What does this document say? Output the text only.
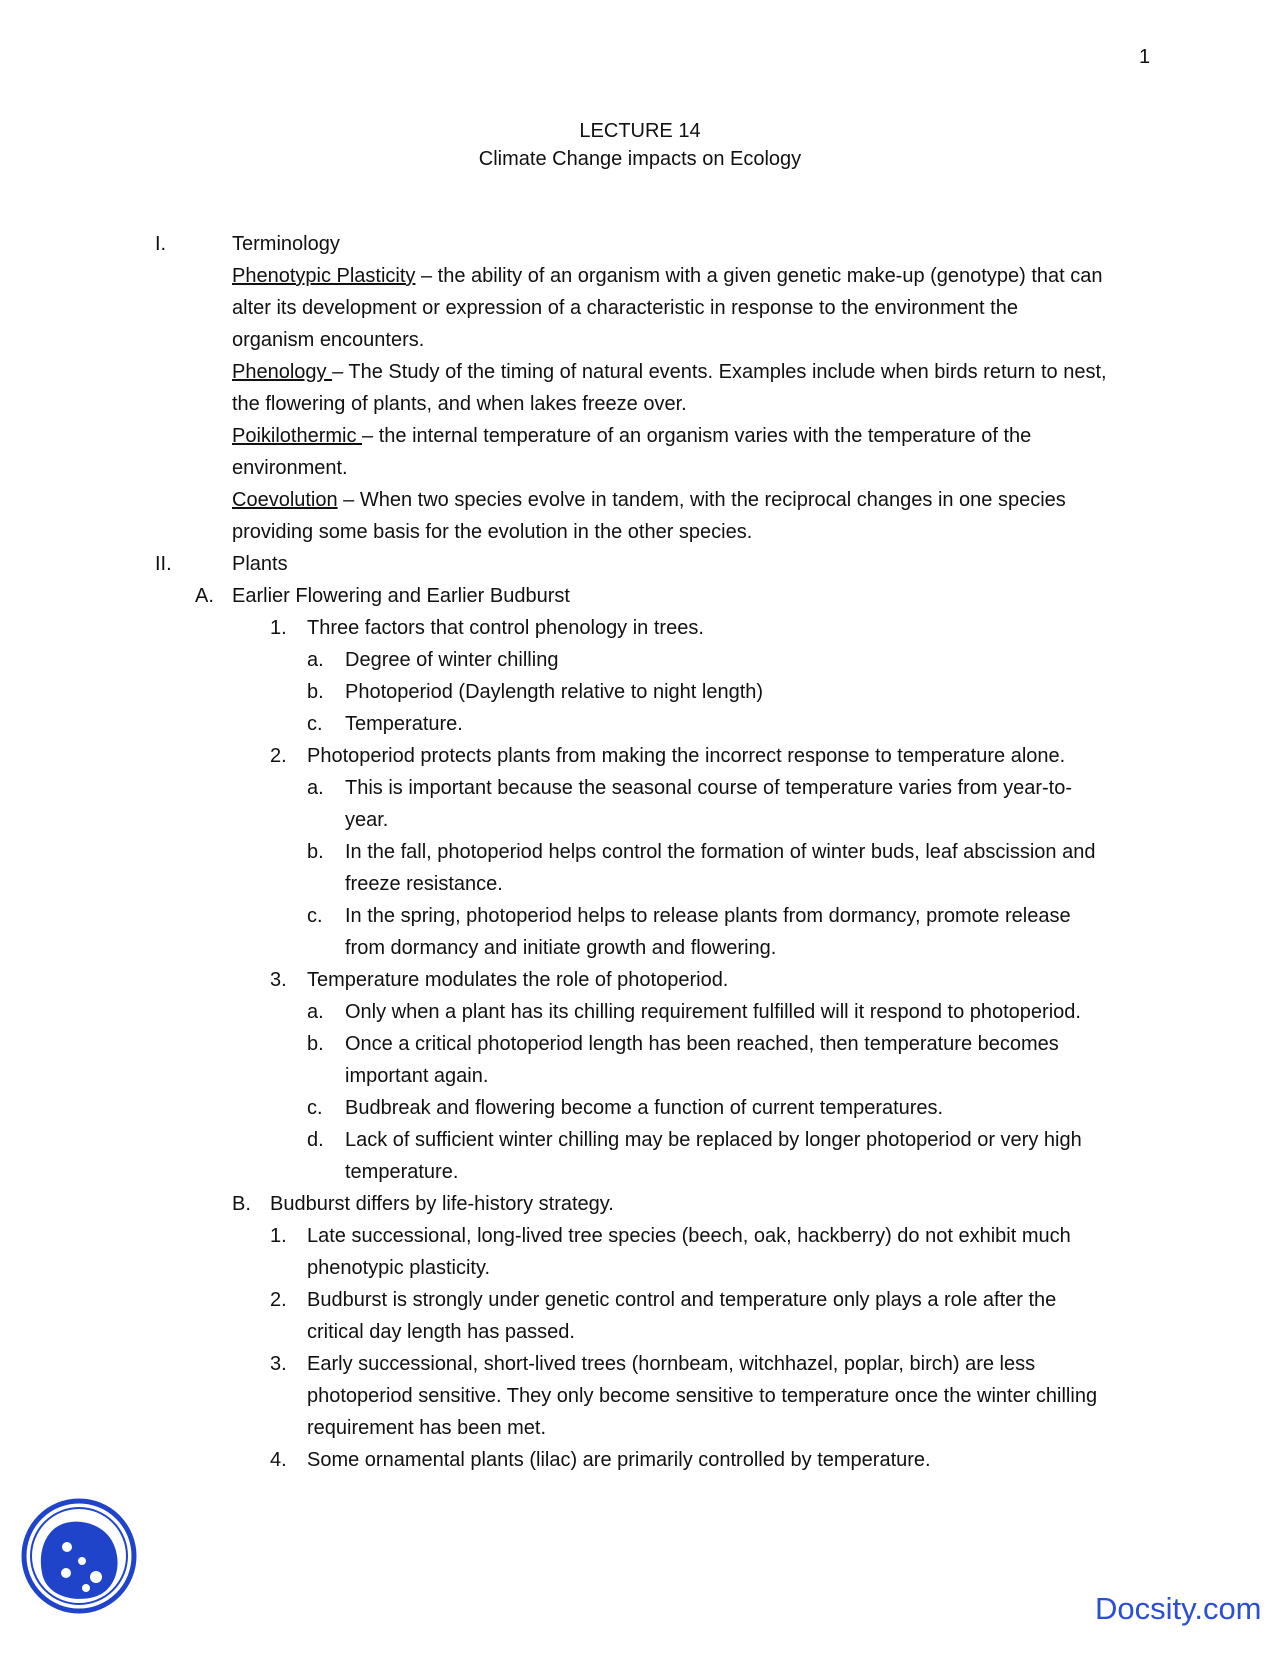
1
LECTURE 14
Climate Change impacts on Ecology
I.	Terminology
Phenotypic Plasticity – the ability of an organism with a given genetic make-up (genotype) that can
alter its development or expression of a characteristic in response to the environment the
organism encounters.
Phenology – The Study of the timing of natural events. Examples include when birds return to nest,
the flowering of plants, and when lakes freeze over.
Poikilothermic – the internal temperature of an organism varies with the temperature of the
environment.
Coevolution – When two species evolve in tandem, with the reciprocal changes in one species
providing some basis for the evolution in the other species.
II.	Plants
A. Earlier Flowering and Earlier Budburst
1. Three factors that control phenology in trees.
a. Degree of winter chilling
b. Photoperiod (Daylength relative to night length)
c. Temperature.
2. Photoperiod protects plants from making the incorrect response to temperature alone.
a. This is important because the seasonal course of temperature varies from year-to-
year.
b. In the fall, photoperiod helps control the formation of winter buds, leaf abscission and
freeze resistance.
c. In the spring, photoperiod helps to release plants from dormancy, promote release
from dormancy and initiate growth and flowering.
3. Temperature modulates the role of photoperiod.
a. Only when a plant has its chilling requirement fulfilled will it respond to photoperiod.
b. Once a critical photoperiod length has been reached, then temperature becomes
important again.
c. Budbreak and flowering become a function of current temperatures.
d. Lack of sufficient winter chilling may be replaced by longer photoperiod or very high
temperature.
B. Budburst differs by life-history strategy.
1. Late successional, long-lived tree species (beech, oak, hackberry) do not exhibit much
phenotypic plasticity.
2. Budburst is strongly under genetic control and temperature only plays a role after the
critical day length has passed.
3. Early successional, short-lived trees (hornbeam, witchhazel, poplar, birch) are less
photoperiod sensitive. They only become sensitive to temperature once the winter chilling
requirement has been met.
4. Some ornamental plants (lilac) are primarily controlled by temperature.
Docsity.com
